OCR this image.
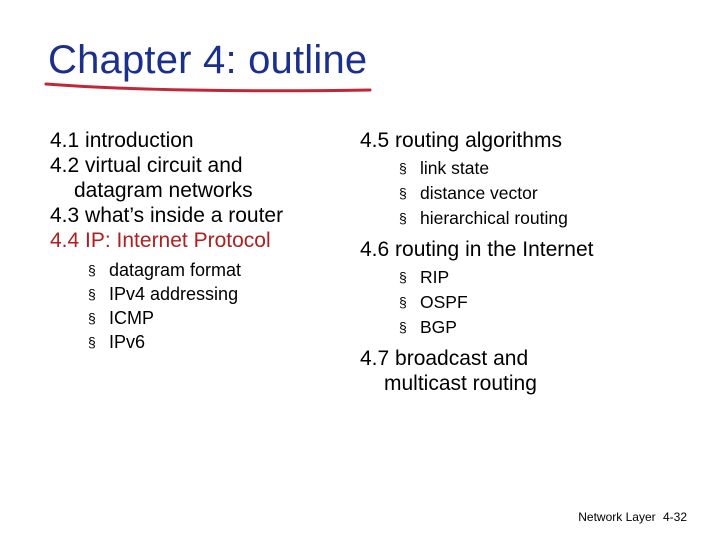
Chapter 4: outline

4.1 introduction

4.2 virtual circuit and
datagram networks

4.3 what’s inside a router

4.4 IP: Internet Protocol

§ datagram format
§ IPv4 addressing
§ ICMP
§ IPv6

4.5 routing algorithms

§ link state
§ distance vector
§ hierarchical routing

4.6 routing in the Internet

§ RIP
§ OSPF
§ BGP

4.7 broadcast and
multicast routing

Network Layer 4-32
